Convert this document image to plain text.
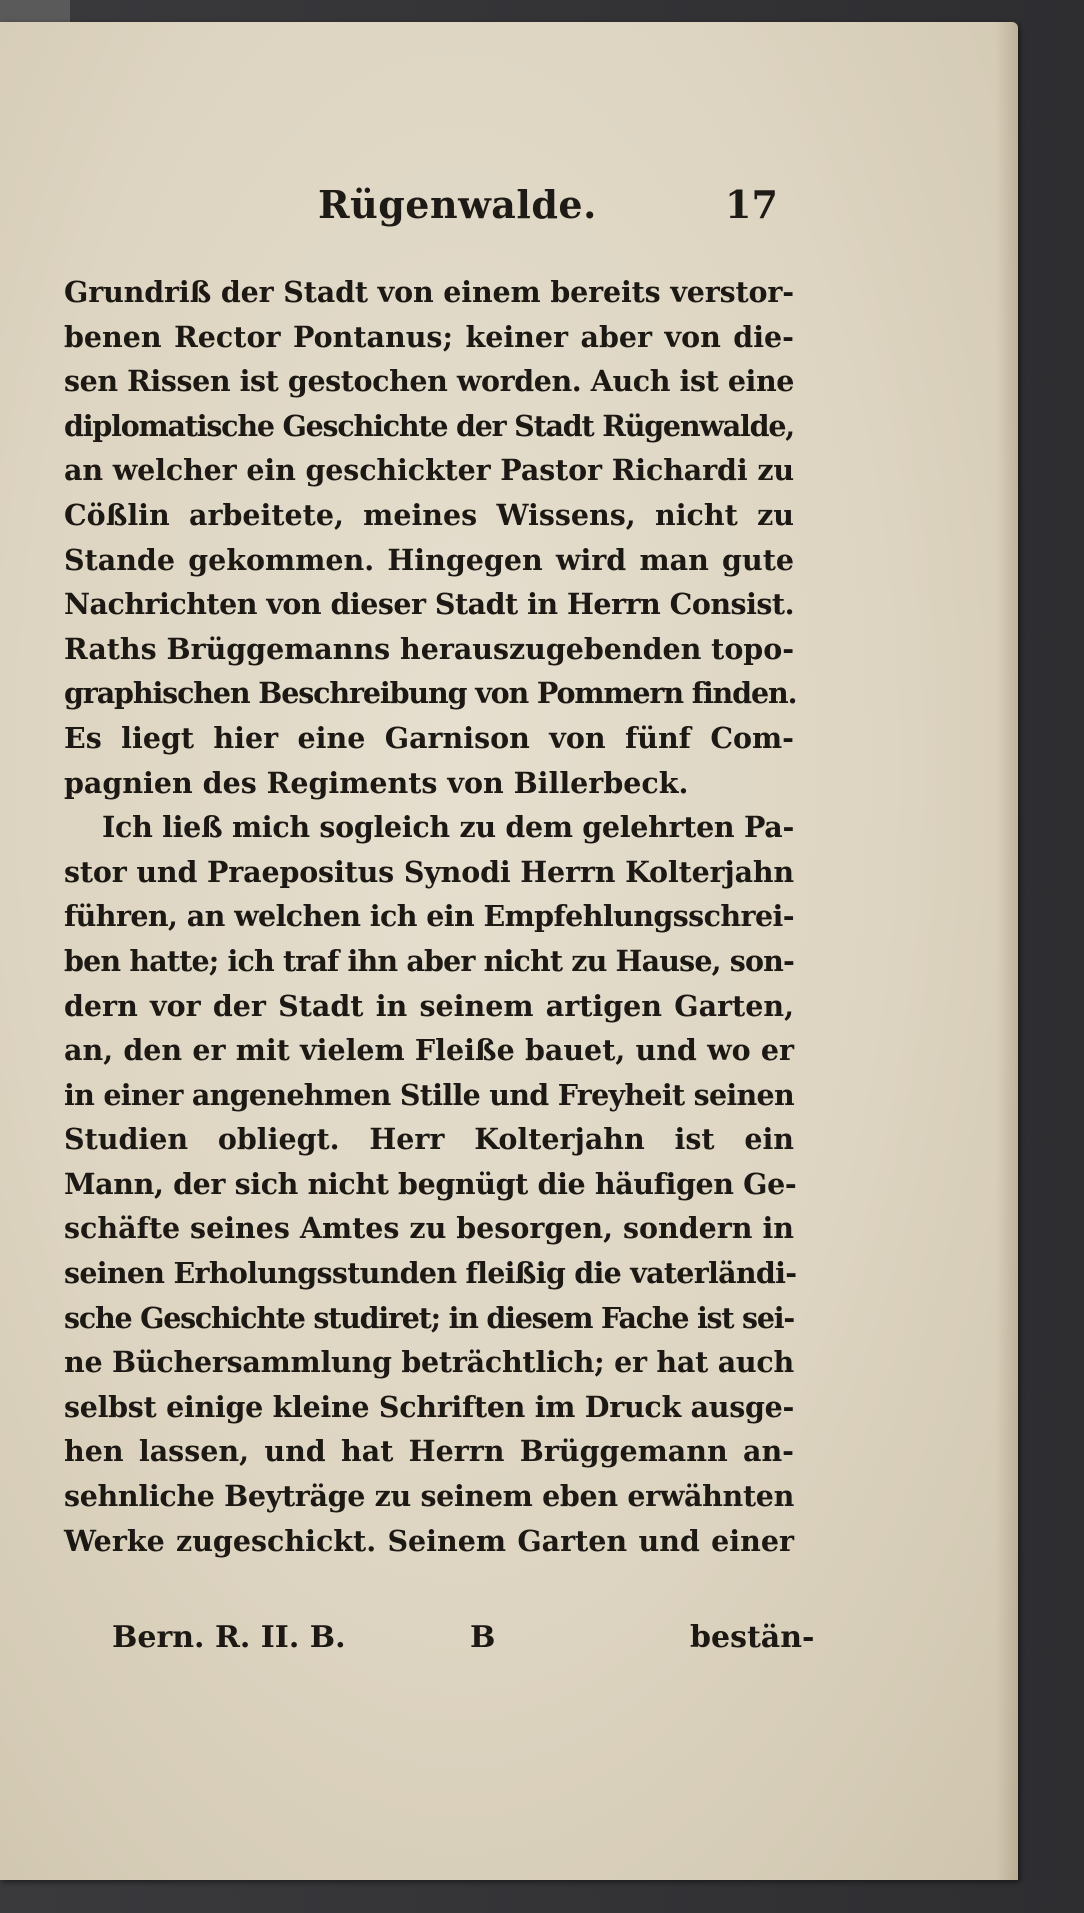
Rügenwalde.	17
Grundriß der Stadt von einem bereits verstor-
benen Rector Pontanus; keiner aber von die-
sen Rissen ist gestochen worden. Auch ist eine
diplomatische Geschichte der Stadt Rügenwalde,
an welcher ein geschickter Pastor Richardi zu
Cößlin arbeitete, meines Wissens, nicht zu
Stande gekommen. Hingegen wird man gute
Nachrichten von dieser Stadt in Herrn Consist.
Raths Brüggemanns herauszugebenden topo-
graphischen Beschreibung von Pommern finden.
Es liegt hier eine Garnison von fünf Com-
pagnien des Regiments von Billerbeck.
Ich ließ mich sogleich zu dem gelehrten Pa-
stor und Praepositus Synodi Herrn Kolterjahn
führen, an welchen ich ein Empfehlungsschrei-
ben hatte; ich traf ihn aber nicht zu Hause, son-
dern vor der Stadt in seinem artigen Garten,
an, den er mit vielem Fleiße bauet, und wo er
in einer angenehmen Stille und Freyheit seinen
Studien obliegt. Herr Kolterjahn ist ein
Mann, der sich nicht begnügt die häufigen Ge-
schäfte seines Amtes zu besorgen, sondern in
seinen Erholungsstunden fleißig die vaterländi-
sche Geschichte studiret; in diesem Fache ist sei-
ne Büchersammlung beträchtlich; er hat auch
selbst einige kleine Schriften im Druck ausge-
hen lassen, und hat Herrn Brüggemann an-
sehnliche Beyträge zu seinem eben erwähnten
Werke zugeschickt. Seinem Garten und einer
Bern. R. II. B.	B	bestän-
